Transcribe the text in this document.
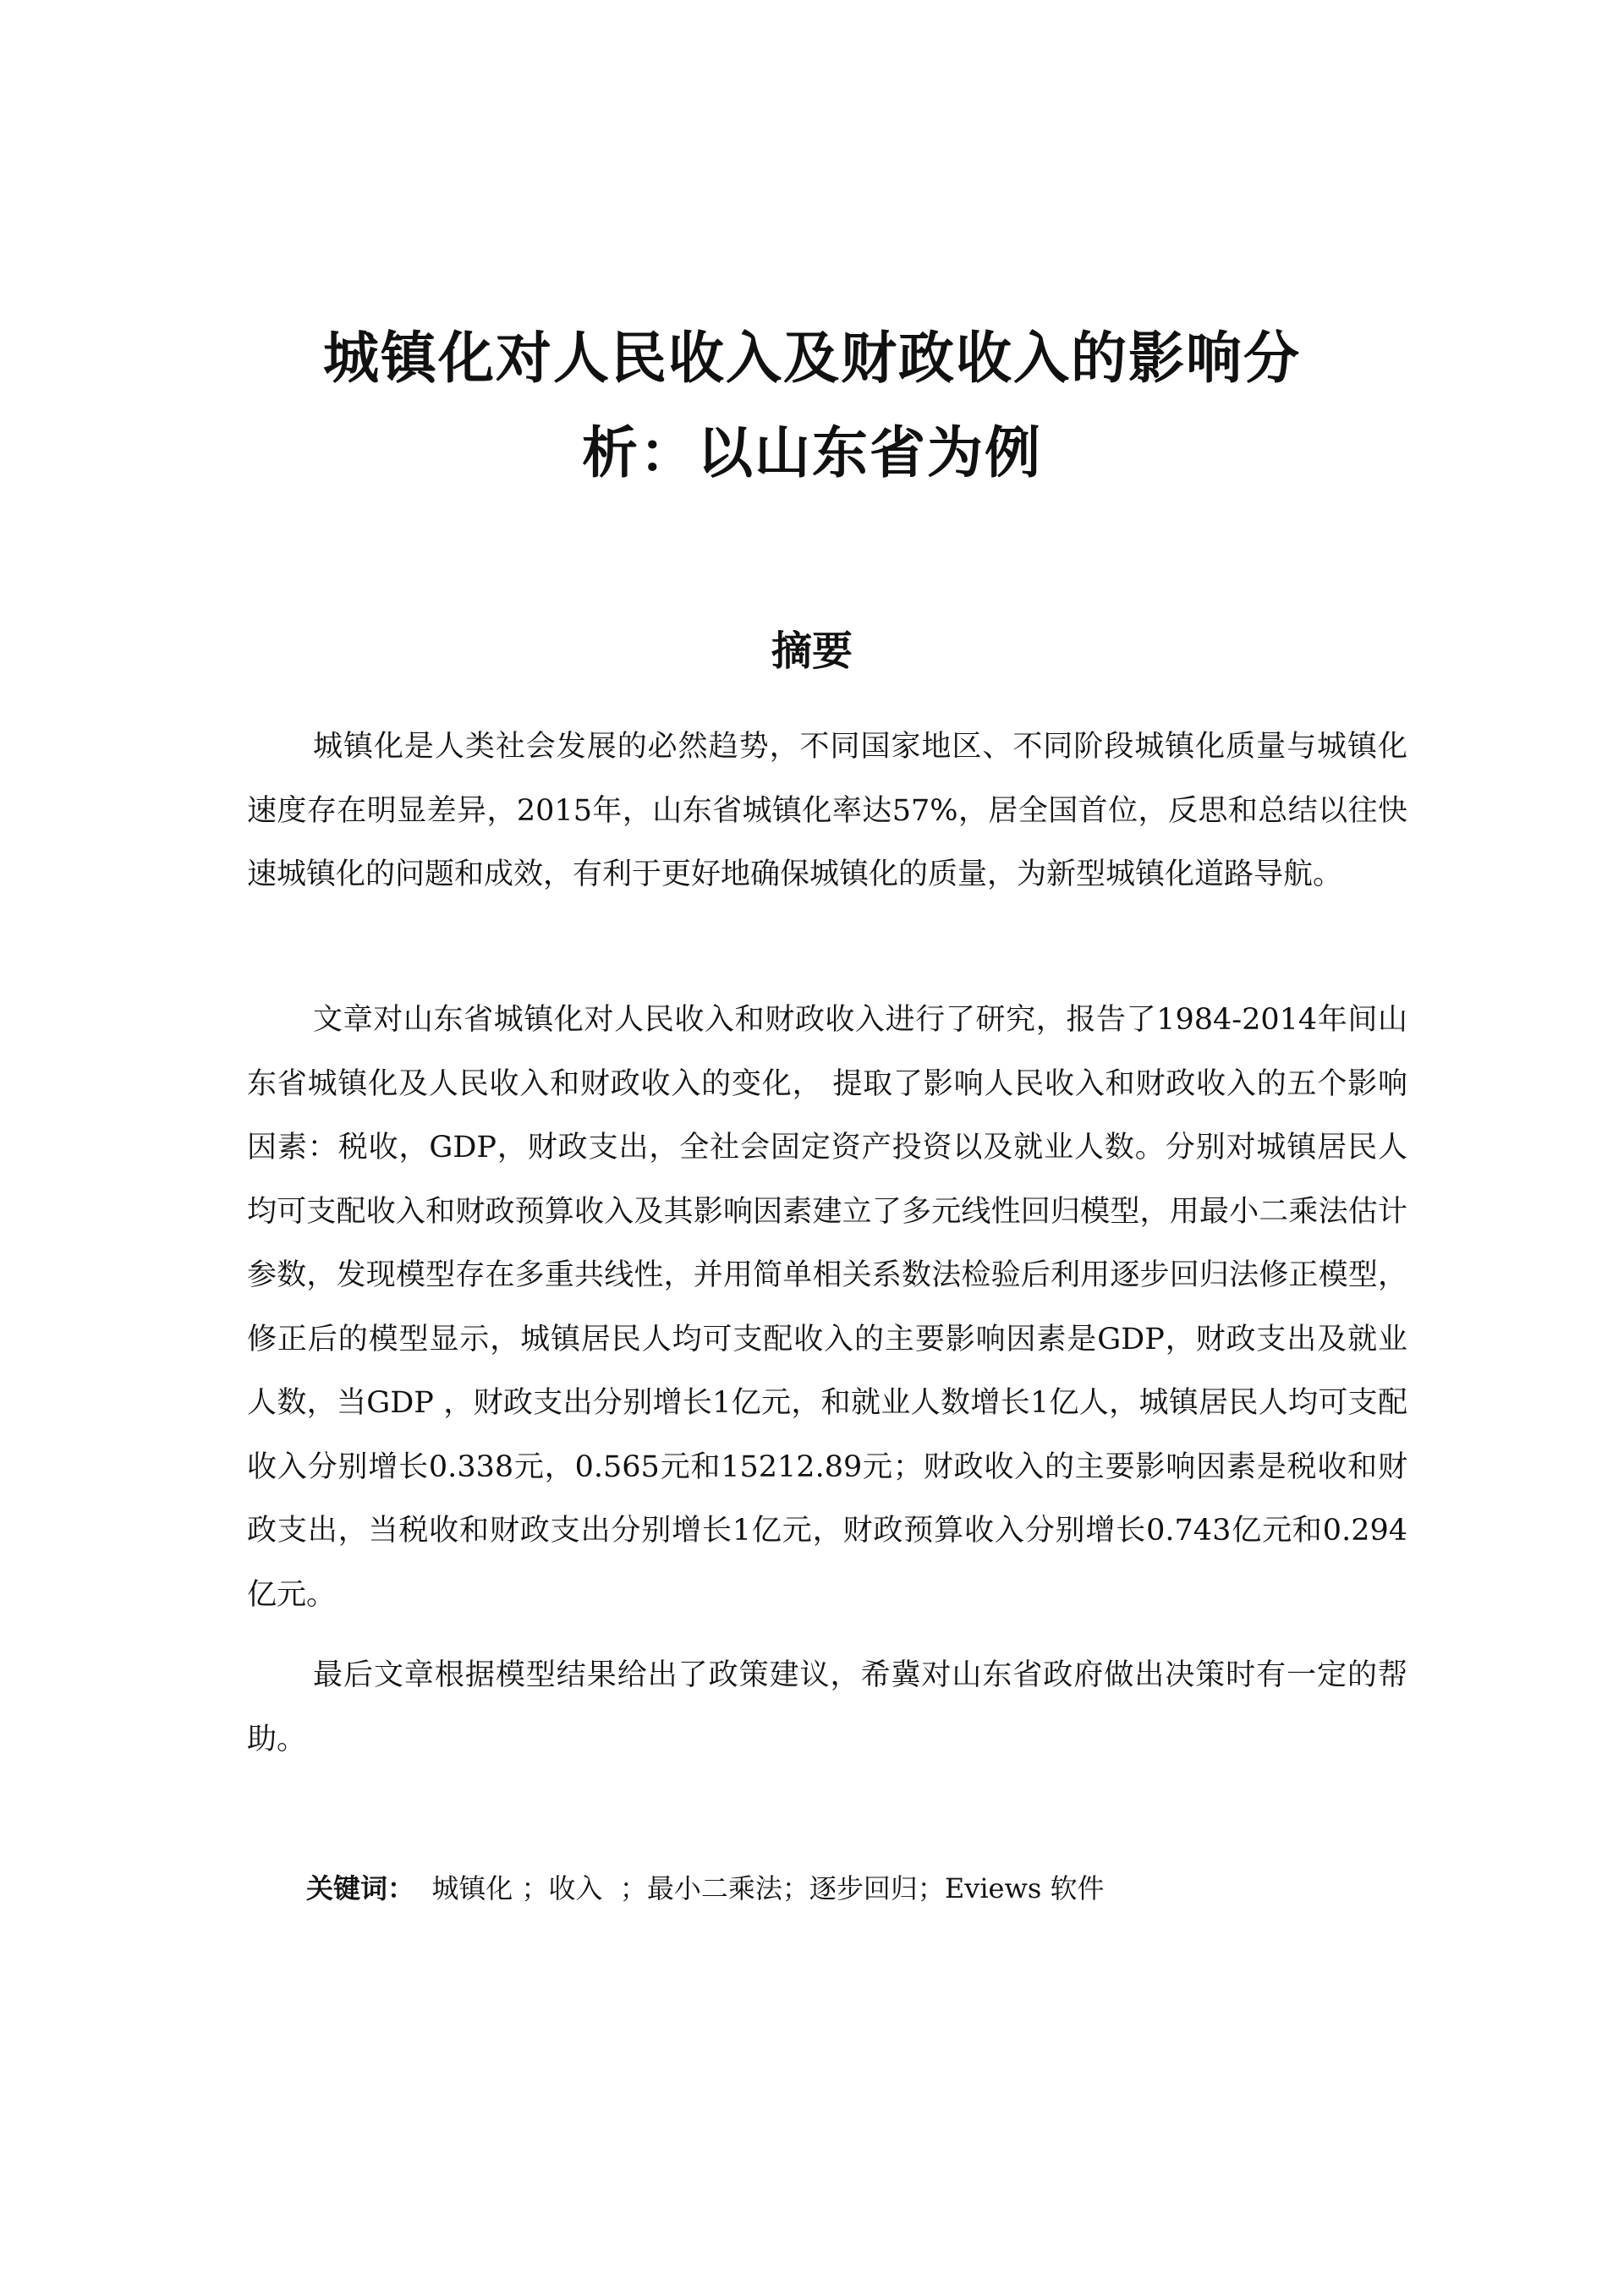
城镇化对人民收入及财政收入的影响分
析：以山东省为例
摘要

城镇化是人类社会发展的必然趋势，不同国家地区、不同阶段城镇化质量与城镇化速度存在明显差异，2015年，山东省城镇化率达57%，居全国首位，反思和总结以往快速城镇化的问题和成效，有利于更好地确保城镇化的质量，为新型城镇化道路导航。

文章对山东省城镇化对人民收入和财政收入进行了研究，报告了1984-2014年间山东省城镇化及人民收入和财政收入的变化， 提取了影响人民收入和财政收入的五个影响因素：税收，GDP，财政支出，全社会固定资产投资以及就业人数。分别对城镇居民人均可支配收入和财政预算收入及其影响因素建立了多元线性回归模型，用最小二乘法估计参数，发现模型存在多重共线性，并用简单相关系数法检验后利用逐步回归法修正模型，修正后的模型显示，城镇居民人均可支配收入的主要影响因素是GDP，财政支出及就业人数，当GDP ，财政支出分别增长1亿元，和就业人数增长1亿人，城镇居民人均可支配收入分别增长0.338元，0.565元和15212.89元；财政收入的主要影响因素是税收和财政支出，当税收和财政支出分别增长1亿元，财政预算收入分别增长0.743亿元和0.294亿元。

最后文章根据模型结果给出了政策建议，希冀对山东省政府做出决策时有一定的帮助。

关键词：  城镇化 ；收入  ；最小二乘法；逐步回归；Eviews 软件
